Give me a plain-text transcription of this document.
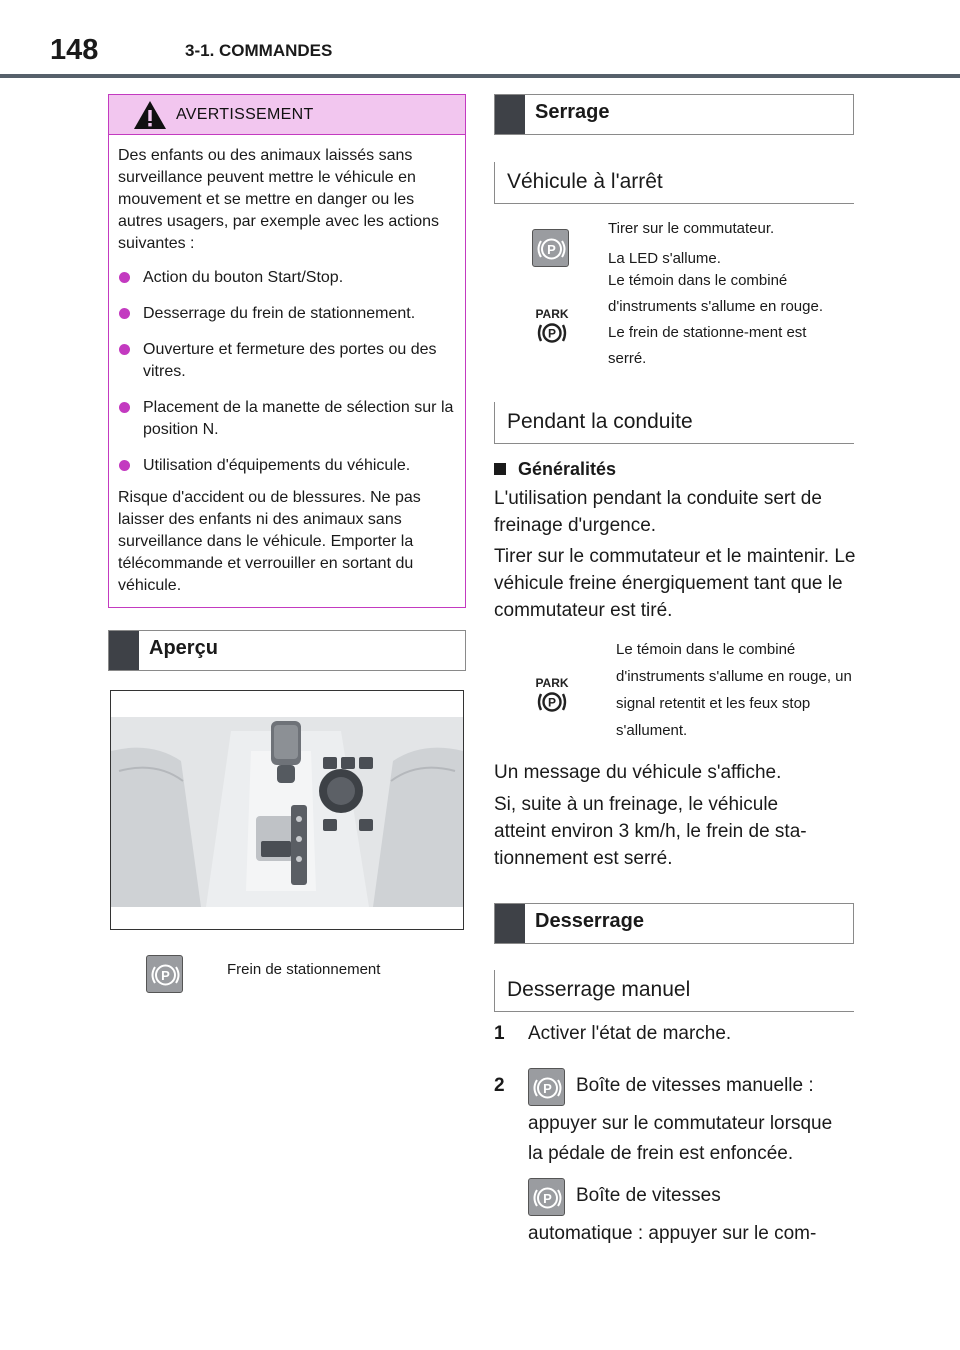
148	3-1. COMMANDES
AVERTISSEMENT

Des enfants ou des animaux laissés sans surveillance peuvent mettre le véhicule en mouvement et se mettre en danger ou les autres usagers, par exemple avec les actions suivantes :

Action du bouton Start/Stop.
Desserrage du frein de stationnement.
Ouverture et fermeture des portes ou des vitres.
Placement de la manette de sélection sur la position N.
Utilisation d'équipements du véhicule.

Risque d'accident ou de blessures. Ne pas laisser des enfants ni des animaux sans surveillance dans le véhicule. Emporter la télécommande et verrouiller en sortant du véhicule.

Aperçu
P	Frein de stationnement
Serrage
Véhicule à l'arrêt
P
Tirer sur le commutateur.
La LED s'allume.
Le témoin dans le combiné d'instruments s'allume en rouge. Le frein de stationne-ment est serré.
PARK
P
Pendant la conduite
Généralités
L'utilisation pendant la conduite sert de freinage d'urgence.
Tirer sur le commutateur et le maintenir. Le véhicule freine énergiquement tant que le commutateur est tiré.
PARK
P
Le témoin dans le combiné d'instruments s'allume en rouge, un signal retentit et les feux stop s'allument.
Un message du véhicule s'affiche.
Si, suite à un freinage, le véhicule atteint environ 3 km/h, le frein de sta-tionnement est serré.
Desserrage
Desserrage manuel
1 Activer l'état de marche.
2	P Boîte de vitesses manuelle :
appuyer sur le commutateur lorsque
la pédale de frein est enfoncée.
P Boîte de vitesses
automatique : appuyer sur le com-
